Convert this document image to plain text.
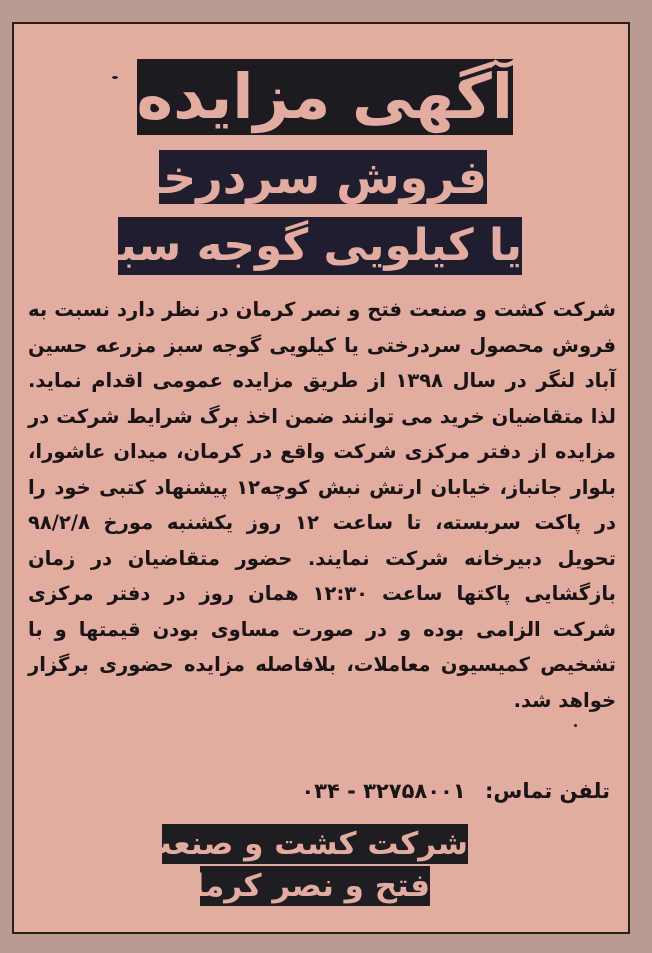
آگهی مزایده
فروش سردرختی
یا کیلویی گوجه سبز

شرکت کشت و صنعت فتح و نصر کرمان در نظر دارد نسبت به فروش محصول سردرختی یا کیلویی گوجه سبز مزرعه حسین آباد لنگر در سال ۱۳۹۸ از طریق مزایده عمومی اقدام نماید. لذا متقاضیان خرید می توانند ضمن اخذ برگ شرایط شرکت در مزایده از دفتر مرکزی شرکت واقع در کرمان، میدان عاشورا، بلوار جانباز، خیابان ارتش نبش کوچه۱۲ پیشنهاد کتبی خود را در پاکت سربسته، تا ساعت ۱۲ روز یکشنبه مورخ ۹۸/۲/۸ تحویل دبیرخانه شرکت نمایند. حضور متقاضیان در زمان بازگشایی پاکتها ساعت ۱۲:۳۰ همان روز در دفتر مرکزی شرکت الزامی بوده و در صورت مساوی بودن قیمتها و با تشخیص کمیسیون معاملات، بلافاصله مزایده حضوری برگزار خواهد شد.

تلفن تماس: ۰۳۴ - ۳۲۷۵۸۰۰۱
شرکت کشت و صنعت
فتح و نصر کرمان
